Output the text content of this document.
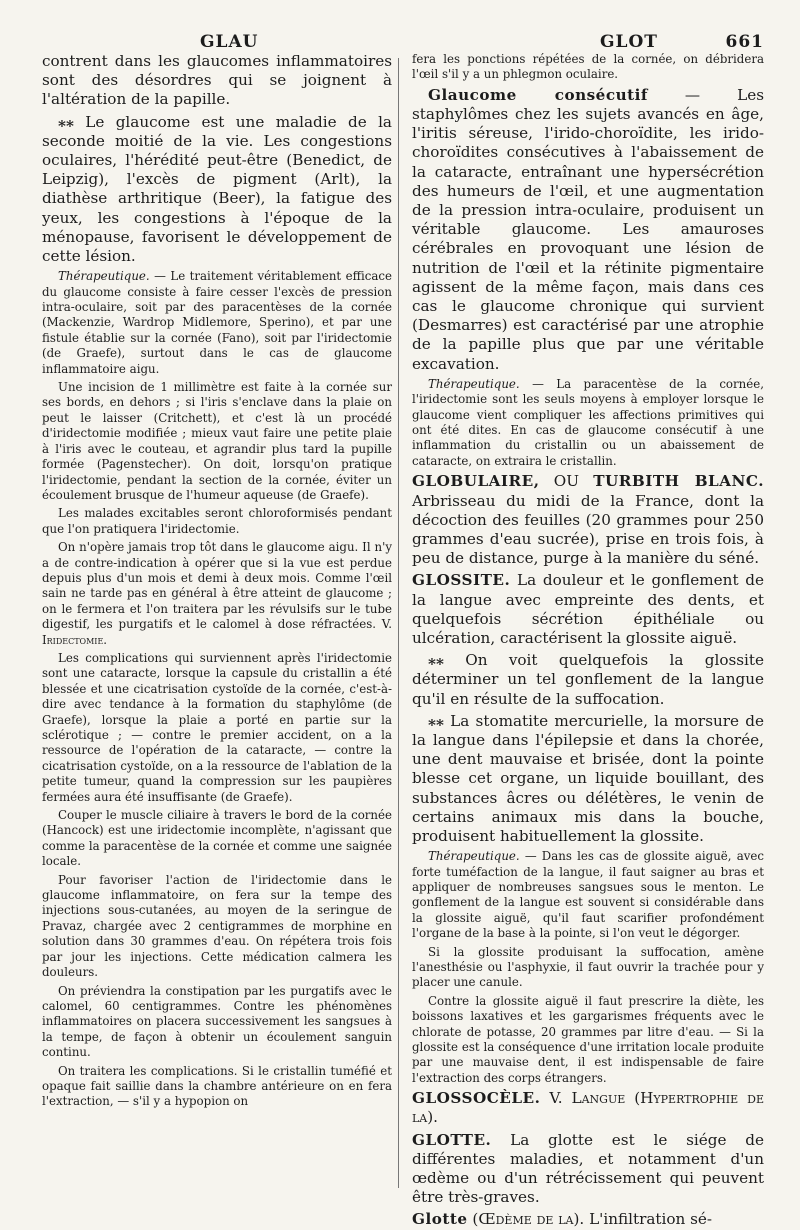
GLAU	GLOT	661

contrent dans les glaucomes inflammatoires sont des désordres qui se joignent à l'altération de la papille.

⁎⁎ Le glaucome est une maladie de la seconde moitié de la vie. Les congestions oculaires, l'hérédité peut-être (Benedict, de Leipzig), l'excès de pigment (Arlt), la diathèse arthritique (Beer), la fatigue des yeux, les congestions à l'époque de la ménopause, favorisent le développement de cette lésion.

Thérapeutique. — Le traitement véritablement efficace du glaucome consiste à faire cesser l'excès de pression intra-oculaire, soit par des paracentèses de la cornée (Mackenzie, Wardrop Midlemore, Sperino), et par une fistule établie sur la cornée (Fano), soit par l'iridectomie (de Graefe), surtout dans le cas de glaucome inflammatoire aigu.

Une incision de 1 millimètre est faite à la cornée sur ses bords, en dehors ; si l'iris s'enclave dans la plaie on peut le laisser (Critchett), et c'est là un procédé d'iridectomie modifiée ; mieux vaut faire une petite plaie à l'iris avec le couteau, et agrandir plus tard la pupille formée (Pagenstecher). On doit, lorsqu'on pratique l'iridectomie, pendant la section de la cornée, éviter un écoulement brusque de l'humeur aqueuse (de Graefe).

Les malades excitables seront chloroformisés pendant que l'on pratiquera l'iridectomie.

On n'opère jamais trop tôt dans le glaucome aigu. Il n'y a de contre-indication à opérer que si la vue est perdue depuis plus d'un mois et demi à deux mois. Comme l'œil sain ne tarde pas en général à être atteint de glaucome ; on le fermera et l'on traitera par les révulsifs sur le tube digestif, les purgatifs et le calomel à dose réfractées. V. Iridectomie.

Les complications qui surviennent après l'iridectomie sont une cataracte, lorsque la capsule du cristallin a été blessée et une cicatrisation cystoïde de la cornée, c'est-à-dire avec tendance à la formation du staphylôme (de Graefe), lorsque la plaie a porté en partie sur la sclérotique ; — contre le premier accident, on a la ressource de l'opération de la cataracte, — contre la cicatrisation cystoïde, on a la ressource de l'ablation de la petite tumeur, quand la compression sur les paupières fermées aura été insuffisante (de Graefe).

Couper le muscle ciliaire à travers le bord de la cornée (Hancock) est une iridectomie incomplète, n'agissant que comme la paracentèse de la cornée et comme une saignée locale.

Pour favoriser l'action de l'iridectomie dans le glaucome inflammatoire, on fera sur la tempe des injections sous-cutanées, au moyen de la seringue de Pravaz, chargée avec 2 centigrammes de morphine en solution dans 30 grammes d'eau. On répétera trois fois par jour les injections. Cette médication calmera les douleurs.

On préviendra la constipation par les purgatifs avec le calomel, 60 centigrammes. Contre les phénomènes inflammatoires on placera successivement les sangsues à la tempe, de façon à obtenir un écoulement sanguin continu.

On traitera les complications. Si le cristallin tuméfié et opaque fait saillie dans la chambre antérieure on en fera l'extraction, — s'il y a hypopion on

fera les ponctions répétées de la cornée, on débridera l'œil s'il y a un phlegmon oculaire.

Glaucome consécutif — Les staphylômes chez les sujets avancés en âge, l'iritis séreuse, l'irido-choroïdite, les irido-choroïdites consécutives à l'abaissement de la cataracte, entraînant une hypersécrétion des humeurs de l'œil, et une augmentation de la pression intra-oculaire, produisent un véritable glaucome. Les amauroses cérébrales en provoquant une lésion de nutrition de l'œil et la rétinite pigmentaire agissent de la même façon, mais dans ces cas le glaucome chronique qui survient (Desmarres) est caractérisé par une atrophie de la papille plus que par une véritable excavation.

Thérapeutique. — La paracentèse de la cornée, l'iridectomie sont les seuls moyens à employer lorsque le glaucome vient compliquer les affections primitives qui ont été dites. En cas de glaucome consécutif à une inflammation du cristallin ou un abaissement de cataracte, on extraira le cristallin.

GLOBULAIRE, OU TURBITH BLANC. Arbrisseau du midi de la France, dont la décoction des feuilles (20 grammes pour 250 grammes d'eau sucrée), prise en trois fois, à peu de distance, purge à la manière du séné.

GLOSSITE. La douleur et le gonflement de la langue avec empreinte des dents, et quelquefois sécrétion épithéliale ou ulcération, caractérisent la glossite aiguë.

⁎⁎ On voit quelquefois la glossite déterminer un tel gonflement de la langue qu'il en résulte de la suffocation.

⁎⁎ La stomatite mercurielle, la morsure de la langue dans l'épilepsie et dans la chorée, une dent mauvaise et brisée, dont la pointe blesse cet organe, un liquide bouillant, des substances âcres ou délétères, le venin de certains animaux mis dans la bouche, produisent habituellement la glossite.

Thérapeutique. — Dans les cas de glossite aiguë, avec forte tuméfaction de la langue, il faut saigner au bras et appliquer de nombreuses sangsues sous le menton. Le gonflement de la langue est souvent si considérable dans la glossite aiguë, qu'il faut scarifier profondément l'organe de la base à la pointe, si l'on veut le dégorger.

Si la glossite produisant la suffocation, amène l'anesthésie ou l'asphyxie, il faut ouvrir la trachée pour y placer une canule.

Contre la glossite aiguë il faut prescrire la diète, les boissons laxatives et les gargarismes fréquents avec le chlorate de potasse, 20 grammes par litre d'eau. — Si la glossite est la conséquence d'une irritation locale produite par une mauvaise dent, il est indispensable de faire l'extraction des corps étrangers.

GLOSSOCÈLE. V. Langue (Hypertrophie de la).

GLOTTE. La glotte est le siége de différentes maladies, et notamment d'un œdème ou d'un rétrécissement qui peuvent être très-graves.

Glotte (Œdème de la). L'infiltration sé-
